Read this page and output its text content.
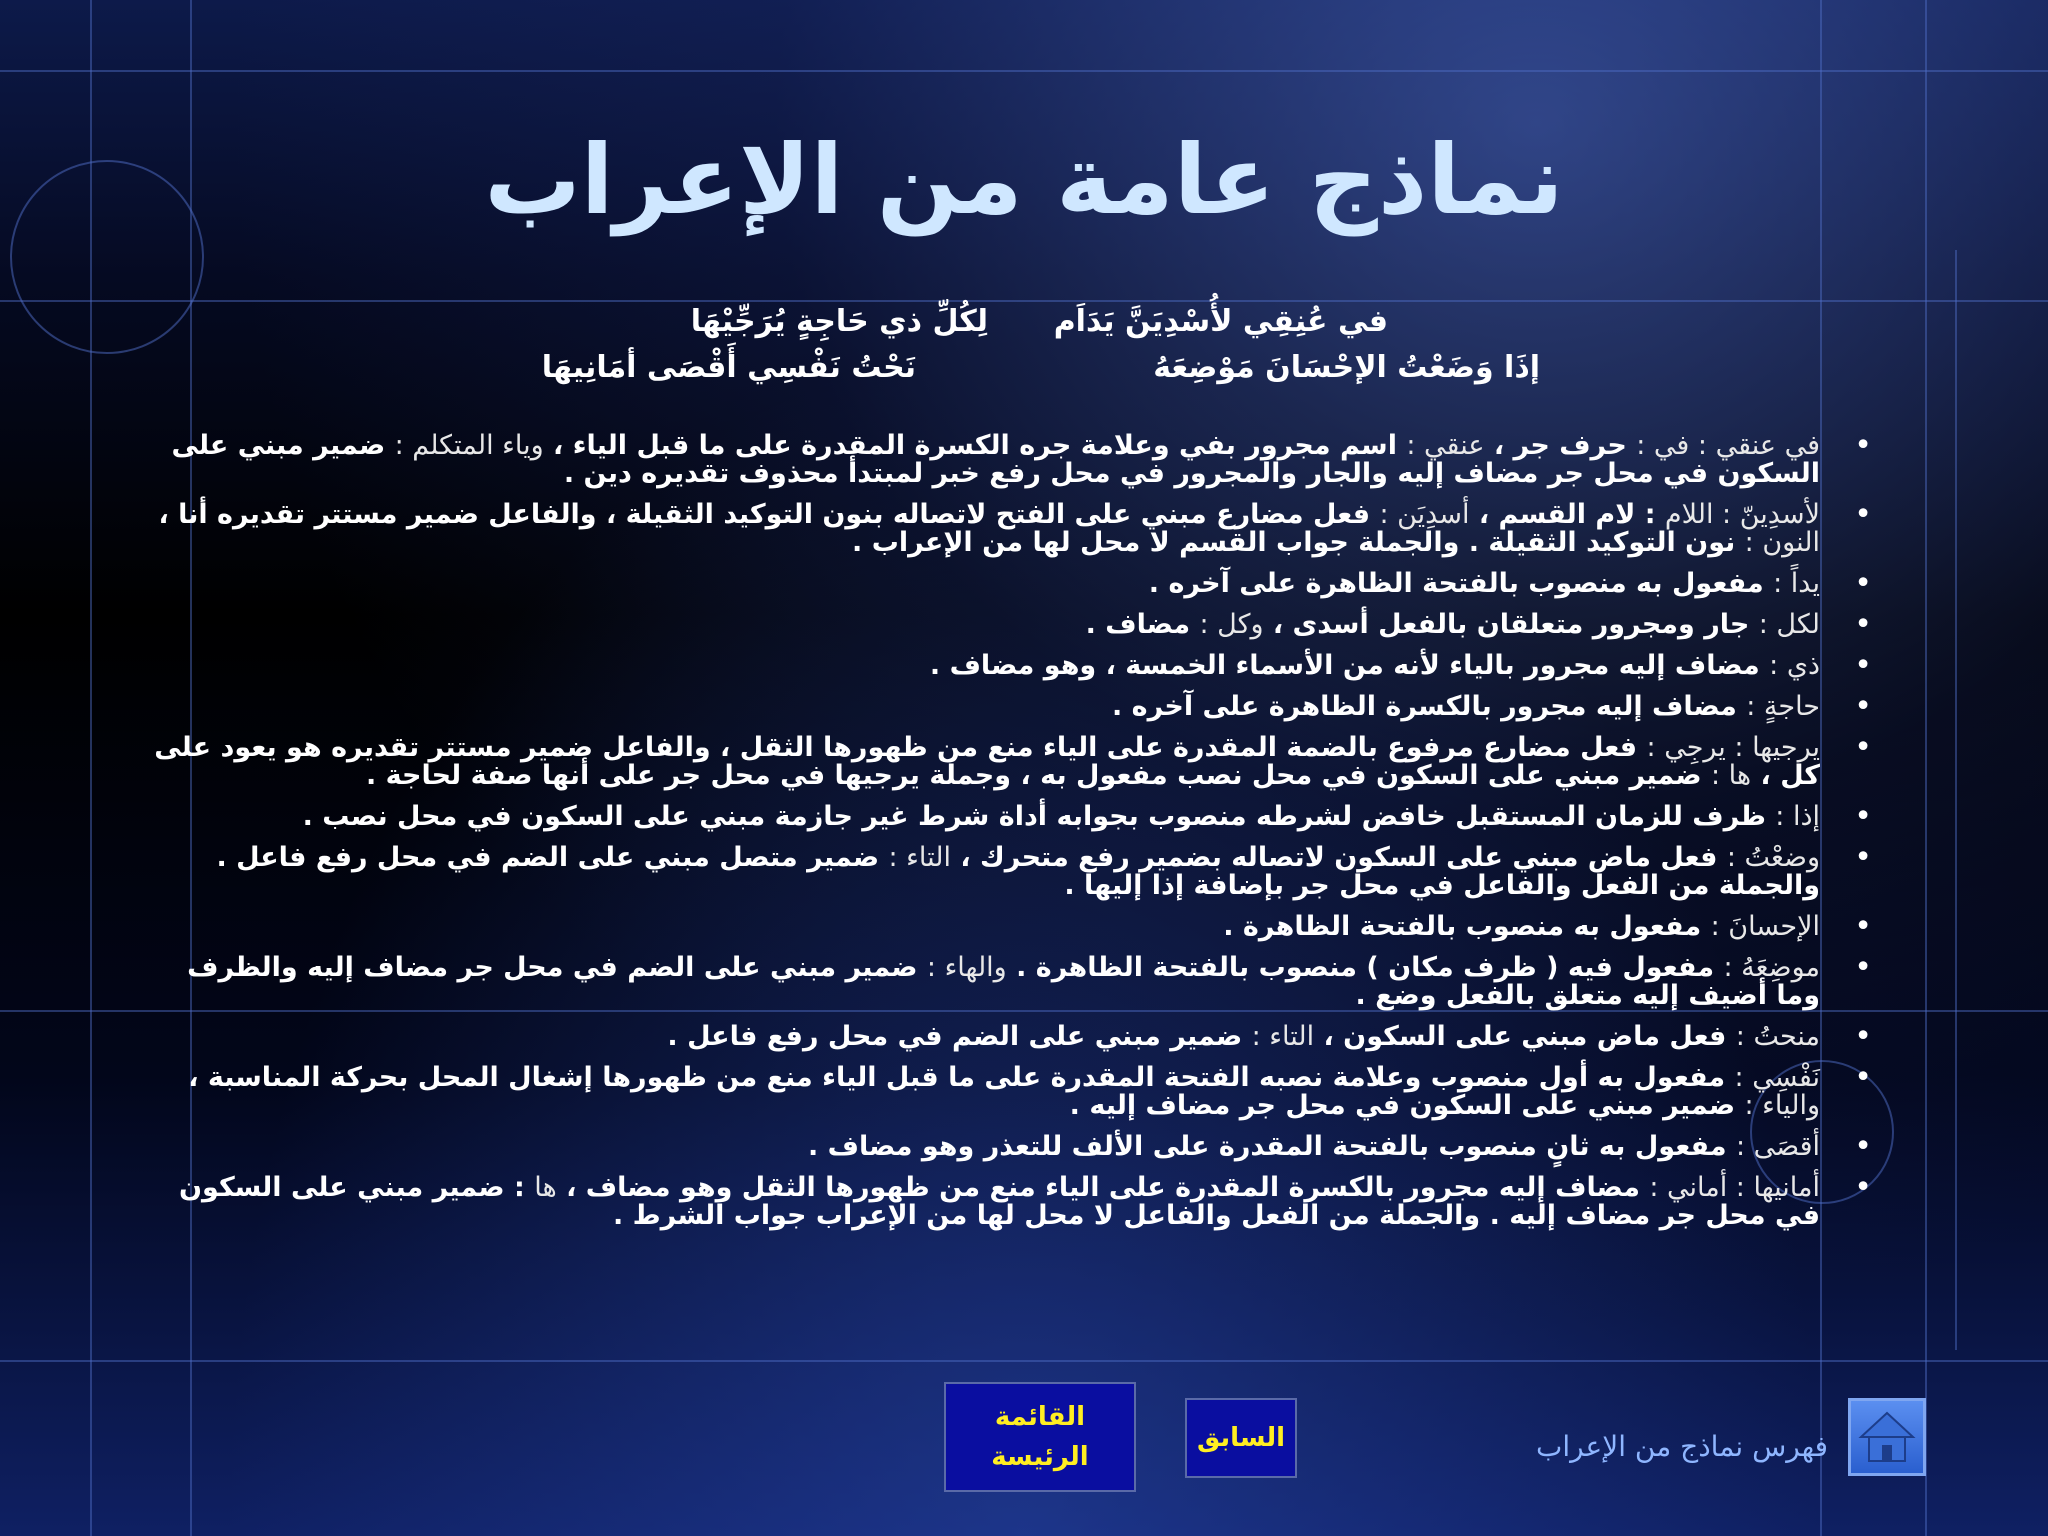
نماذج عامة من الإعراب
في عُنِقِي لأُسْدِيَنَّ يَدَاَم
لِكُلِّ ذي حَاجِةٍ يُرَجِّيْهَا
إذَا وَضَعْتُ الإحْسَانَ مَوْضِعَهُ
نَحْتُ نَفْسِي أَقْصَى أمَانِيهَا
• في عنقي : في : حرف جر ، عنقي : اسم مجرور بفي وعلامة جره الكسرة المقدرة على ما قبل الياء ، وياء المتكلم : ضمير مبني على السكون في محل جر مضاف إليه والجار والمجرور في محل رفع خبر لمبتدأ محذوف تقديره دين .
• لأسدِينّ : اللام : لام القسم ، أسدِيَن : فعل مضارع مبني على الفتح لاتصاله بنون التوكيد الثقيلة ، والفاعل ضمير مستتر تقديره أنا ، النون : نون التوكيد الثقيلة . والجملة جواب القسم لا محل لها من الإعراب .
• يداً : مفعول به منصوب بالفتحة الظاهرة على آخره .
• لكل : جار ومجرور متعلقان بالفعل أسدى ، وكل : مضاف .
• ذي : مضاف إليه مجرور بالياء لأنه من الأسماء الخمسة ، وهو مضاف .
• حاجةٍ : مضاف إليه مجرور بالكسرة الظاهرة على آخره .
• يرجيها : يرجِي : فعل مضارع مرفوع بالضمة المقدرة على الياء منع من ظهورها الثقل ، والفاعل ضمير مستتر تقديره هو يعود على كل ، ها : ضمير مبني على السكون في محل نصب مفعول به ، وجملة يرجيها في محل جر على أنها صفة لحاجة .
• إذا : ظرف للزمان المستقبل خافض لشرطه منصوب بجوابه أداة شرط غير جازمة مبني على السكون في محل نصب .
• وضعْتُ : فعل ماض مبني على السكون لاتصاله بضمير رفع متحرك ، التاء : ضمير متصل مبني على الضم في محل رفع فاعل . والجملة من الفعل والفاعل في محل جر بإضافة إذا إليها .
• الإحسانَ : مفعول به منصوب بالفتحة الظاهرة .
• موضِعَهُ : مفعول فيه ( ظرف مكان ) منصوب بالفتحة الظاهرة . والهاء : ضمير مبني على الضم في محل جر مضاف إليه والظرف وما أضيف إليه متعلق بالفعل وضع .
• منحتُ : فعل ماض مبني على السكون ، التاء : ضمير مبني على الضم في محل رفع فاعل .
• نَفْسِي : مفعول به أول منصوب وعلامة نصبه الفتحة المقدرة على ما قبل الياء منع من ظهورها إشغال المحل بحركة المناسبة ، والياء : ضمير مبني على السكون في محل جر مضاف إليه .
• أقصَى : مفعول به ثانٍ منصوب بالفتحة المقدرة على الألف للتعذر وهو مضاف .
• أمانيها : أماني : مضاف إليه مجرور بالكسرة المقدرة على الياء منع من ظهورها الثقل وهو مضاف ، ها : ضمير مبني على السكون في محل جر مضاف إليه . والجملة من الفعل والفاعل لا محل لها من الإعراب جواب الشرط .
القائمة
الرئيسة
السابق	فهرس نماذج من الإعراب
